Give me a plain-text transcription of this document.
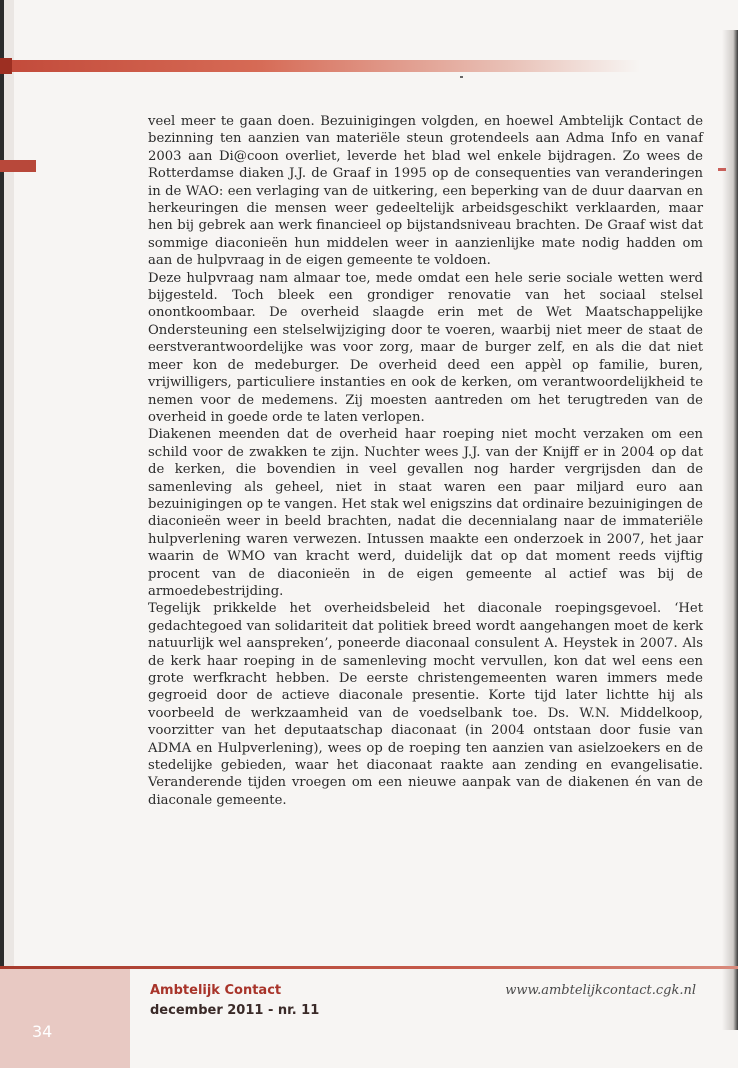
veel meer te gaan doen. Bezuinigingen volgden, en hoewel Ambtelijk Contact de bezinning ten aanzien van materiële steun grotendeels aan Adma Info en vanaf 2003 aan Di@coon overliet, leverde het blad wel enkele bijdragen. Zo wees de Rotterdamse diaken J.J. de Graaf in 1995 op de consequenties van veranderingen in de WAO: een verlaging van de uitkering, een beperking van de duur daarvan en herkeuringen die mensen weer gedeeltelijk arbeidsgeschikt verklaarden, maar hen bij gebrek aan werk financieel op bijstandsniveau brachten. De Graaf wist dat sommige diaconieën hun middelen weer in aanzienlijke mate nodig hadden om aan de hulpvraag in de eigen gemeente te voldoen.

Deze hulpvraag nam almaar toe, mede omdat een hele serie sociale wetten werd bijgesteld. Toch bleek een grondiger renovatie van het sociaal stelsel onontkoombaar. De overheid slaagde erin met de Wet Maatschappelijke Ondersteuning een stelselwijziging door te voeren, waarbij niet meer de staat de eerstverantwoordelijke was voor zorg, maar de burger zelf, en als die dat niet meer kon de medeburger. De overheid deed een appèl op familie, buren, vrijwilligers, particuliere instanties en ook de kerken, om verantwoordelijkheid te nemen voor de medemens. Zij moesten aantreden om het terugtreden van de overheid in goede orde te laten verlopen.

Diakenen meenden dat de overheid haar roeping niet mocht verzaken om een schild voor de zwakken te zijn. Nuchter wees J.J. van der Knijff er in 2004 op dat de kerken, die bovendien in veel gevallen nog harder vergrijsden dan de samenleving als geheel, niet in staat waren een paar miljard euro aan bezuinigingen op te vangen. Het stak wel enigszins dat ordinaire bezuinigingen de diaconieën weer in beeld brachten, nadat die decennialang naar de immateriële hulpverlening waren verwezen. Intussen maakte een onderzoek in 2007, het jaar waarin de WMO van kracht werd, duidelijk dat op dat moment reeds vijftig procent van de diaconieën in de eigen gemeente al actief was bij de armoedebestrijding.

Tegelijk prikkelde het overheidsbeleid het diaconale roepingsgevoel. ‘Het gedachtegoed van solidariteit dat politiek breed wordt aangehangen moet de kerk natuurlijk wel aanspreken’, poneerde diaconaal consulent A. Heystek in 2007. Als de kerk haar roeping in de samenleving mocht vervullen, kon dat wel eens een grote werfkracht hebben. De eerste christengemeenten waren immers mede gegroeid door de actieve diaconale presentie. Korte tijd later lichtte hij als voorbeeld de werkzaamheid van de voedselbank toe. Ds. W.N. Middelkoop, voorzitter van het deputaatschap diaconaat (in 2004 ontstaan door fusie van ADMA en Hulpverlening), wees op de roeping ten aanzien van asielzoekers en de stedelijke gebieden, waar het diaconaat raakte aan zending en evangelisatie. Veranderende tijden vroegen om een nieuwe aanpak van de diakenen én van de diaconale gemeente.

34
Ambtelijk Contact
december 2011 - nr. 11
www.ambtelijkcontact.cgk.nl
